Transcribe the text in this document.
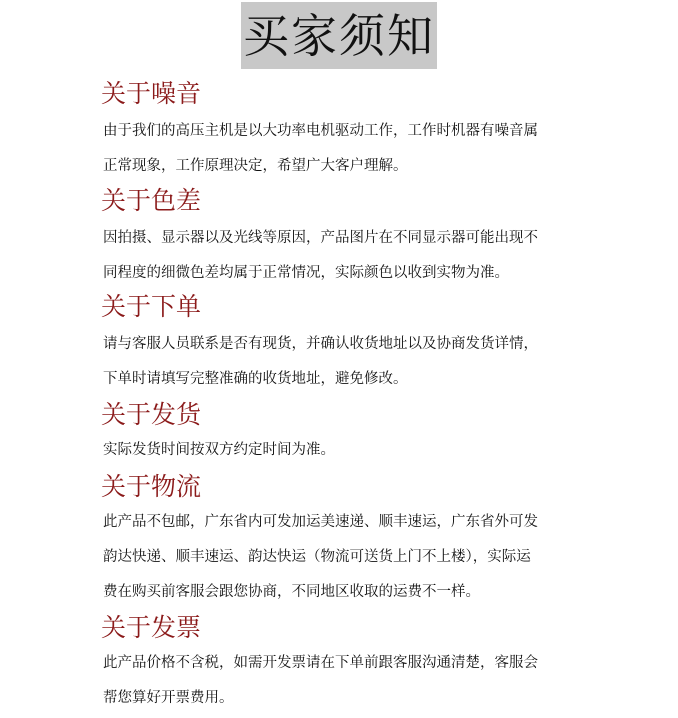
买家须知
关于噪音
由于我们的高压主机是以大功率电机驱动工作，工作时机器有噪音属
正常现象，工作原理决定，希望广大客户理解。
关于色差
因拍摄、显示器以及光线等原因，产品图片在不同显示器可能出现不
同程度的细微色差均属于正常情况，实际颜色以收到实物为准。
关于下单
请与客服人员联系是否有现货，并确认收货地址以及协商发货详情，
下单时请填写完整准确的收货地址，避免修改。
关于发货
实际发货时间按双方约定时间为准。
关于物流
此产品不包邮，广东省内可发加运美速递、顺丰速运，广东省外可发
韵达快递、顺丰速运、韵达快运（物流可送货上门不上楼），实际运
费在购买前客服会跟您协商，不同地区收取的运费不一样。
关于发票
此产品价格不含税，如需开发票请在下单前跟客服沟通清楚，客服会
帮您算好开票费用。
